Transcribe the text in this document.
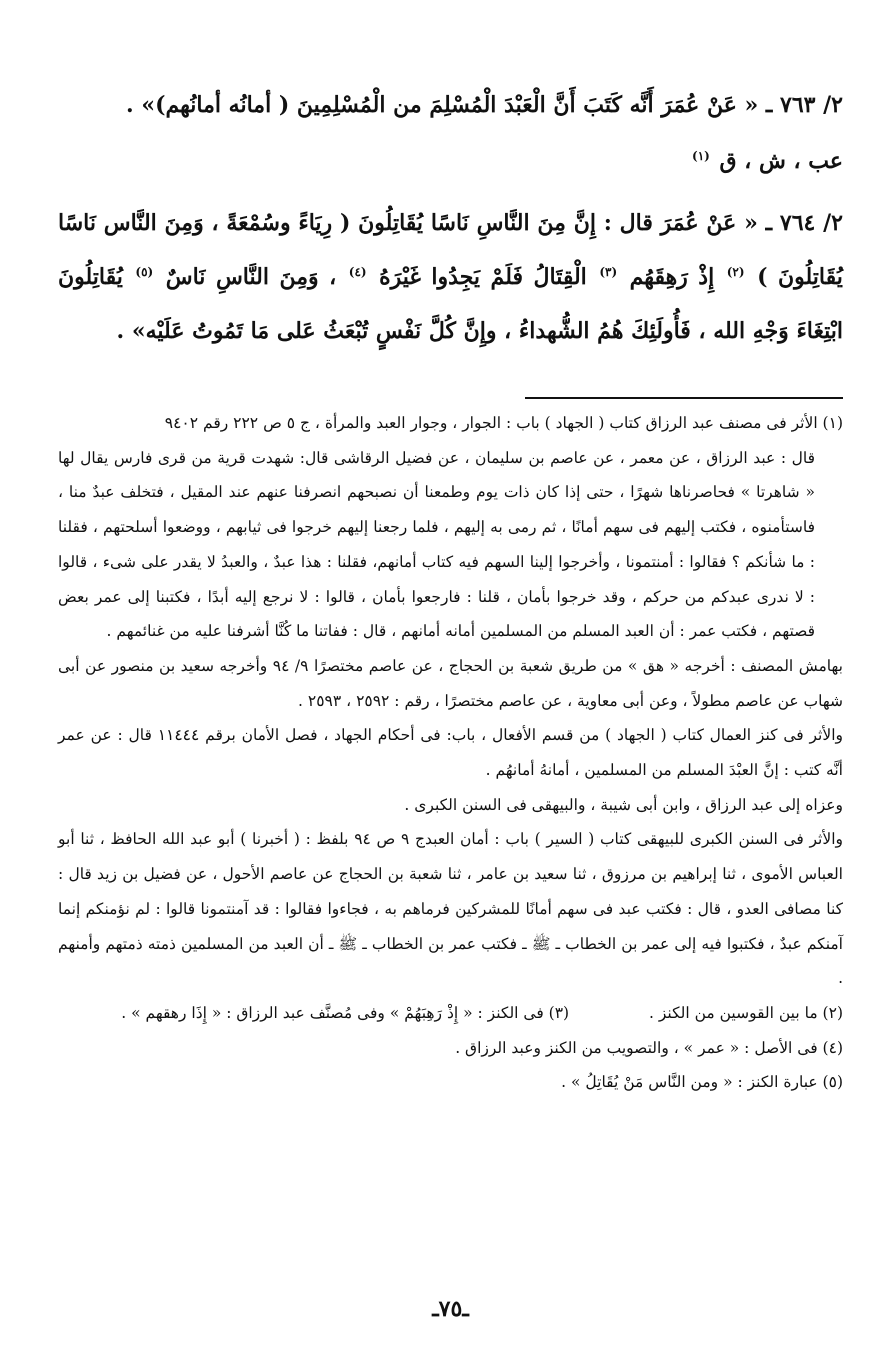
٢/ ٧٦٣ ـ « عَنْ عُمَرَ أَنَّه كَتَبَ أَنَّ الْعَبْدَ الْمُسْلِمَ من الْمُسْلِمِينَ ( أمانُه أمانُهم)» .

عب ، ش ، ق $^{(١)}$

٢/ ٧٦٤ ـ « عَنْ عُمَرَ قال : إِنَّ مِنَ النَّاسِ نَاسًا يُقَاتِلُونَ ( رِيَاءً وسُمْعَةً ، وَمِنَ النَّاس نَاسًا يُقَاتِلُونَ ) $^{(٢)}$ إِذْ رَهِقَهُم $^{(٣)}$ الْقِتَالُ فَلَمْ يَجِدُوا غَيْرَهُ $^{(٤)}$ ، وَمِنَ النَّاسِ نَاسٌ $^{(٥)}$ يُقَاتِلُونَ ابْتِغَاءَ وَجْهِ الله ، فَأُولَئِكَ هُمُ الشُّهداءُ ، وإِنَّ كُلَّ نَفْسٍ تُبْعَثُ عَلى مَا تَمُوتُ عَلَيْه» .

(١) الأثر فى مصنف عبد الرزاق كتاب ( الجهاد ) باب : الجوار ، وجوار العبد والمرأة ، ج ٥ ص ٢٢٢ رقم ٩٤٠٢

قال : عبد الرزاق ، عن معمر ، عن عاصم بن سليمان ، عن فضيل الرقاشى قال: شهدت قرية من قرى فارس يقال لها « شاهرتا » فحاصرناها شهرًا ، حتى إذا كان ذات يوم وطمعنا أن نصبحهم انصرفنا عنهم عند المقيل ، فتخلف عبدٌ منا ، فاستأمنوه ، فكتب إليهم فى سهم أمانًا ، ثم رمى به إليهم ، فلما رجعنا إليهم خرجوا فى ثيابهم ، ووضعوا أسلحتهم ، فقلنا : ما شأنكم ؟ فقالوا : أمنتمونا ، وأخرجوا إلينا السهم فيه كتاب أمانهم، فقلنا : هذا عبدٌ ، والعبدُ لا يقدر على شىء ، قالوا : لا ندرى عبدكم من حركم ، وقد خرجوا بأمان ، قلنا : فارجعوا بأمان ، قالوا : لا نرجع إليه أبدًا ، فكتبنا إلى عمر بعض قصتهم ، فكتب عمر : أن العبد المسلم من المسلمين أمانه أمانهم ، قال : ففاتنا ما كُنَّا أشرفنا عليه من غنائمهم .

بهامش المصنف : أخرجه « هق » من طريق شعبة بن الحجاج ، عن عاصم مختصرًا ٩/ ٩٤ وأخرجه سعيد بن منصور عن أبى شهاب عن عاصم مطولاً ، وعن أبى معاوية ، عن عاصم مختصرًا ، رقم : ٢٥٩٢ ، ٢٥٩٣ .

والأثر فى كنز العمال كتاب ( الجهاد ) من قسم الأفعال ، باب: فى أحكام الجهاد ، فصل الأمان برقم ١١٤٤٤ قال : عن عمر أنَّه كتب : إنَّ العبْدَ المسلم من المسلمين ، أمانهُ أمانهُم .

وعزاه إلى عبد الرزاق ، وابن أبى شيبة ، والبيهقى فى السنن الكبرى .

والأثر فى السنن الكبرى للبيهقى كتاب ( السير ) باب : أمان العبدج ٩ ص ٩٤ بلفظ : ( أخبرنا ) أبو عبد الله الحافظ ، ثنا أبو العباس الأموى ، ثنا إبراهيم بن مرزوق ، ثنا سعيد بن عامر ، ثنا شعبة بن الحجاج عن عاصم الأحول ، عن فضيل بن زيد قال : كنا مصافى العدو ، قال : فكتب عبد فى سهم أمانًا للمشركين فرماهم به ، فجاءوا فقالوا : قد آمنتمونا قالوا : لم نؤمنكم إنما آمنكم عبدٌ ، فكتبوا فيه إلى عمر بن الخطاب ـ ﷺ ـ فكتب عمر بن الخطاب ـ ﷺ ـ أن العبد من المسلمين ذمته ذمتهم وأمنهم .

(٢) ما بين القوسين من الكنز .  (٣) فى الكنز : « إِذْ رَهِبَهُمْ » وفى مُصنَّف عبد الرزاق : « إِذَا رهقهم » .

(٤) فى الأصل : « عمر » ، والتصويب من الكنز وعبد الرزاق .

(٥) عبارة الكنز : « ومن النَّاس مَنْ يُقَاتِلُ » .

ـ٧٥ـ
